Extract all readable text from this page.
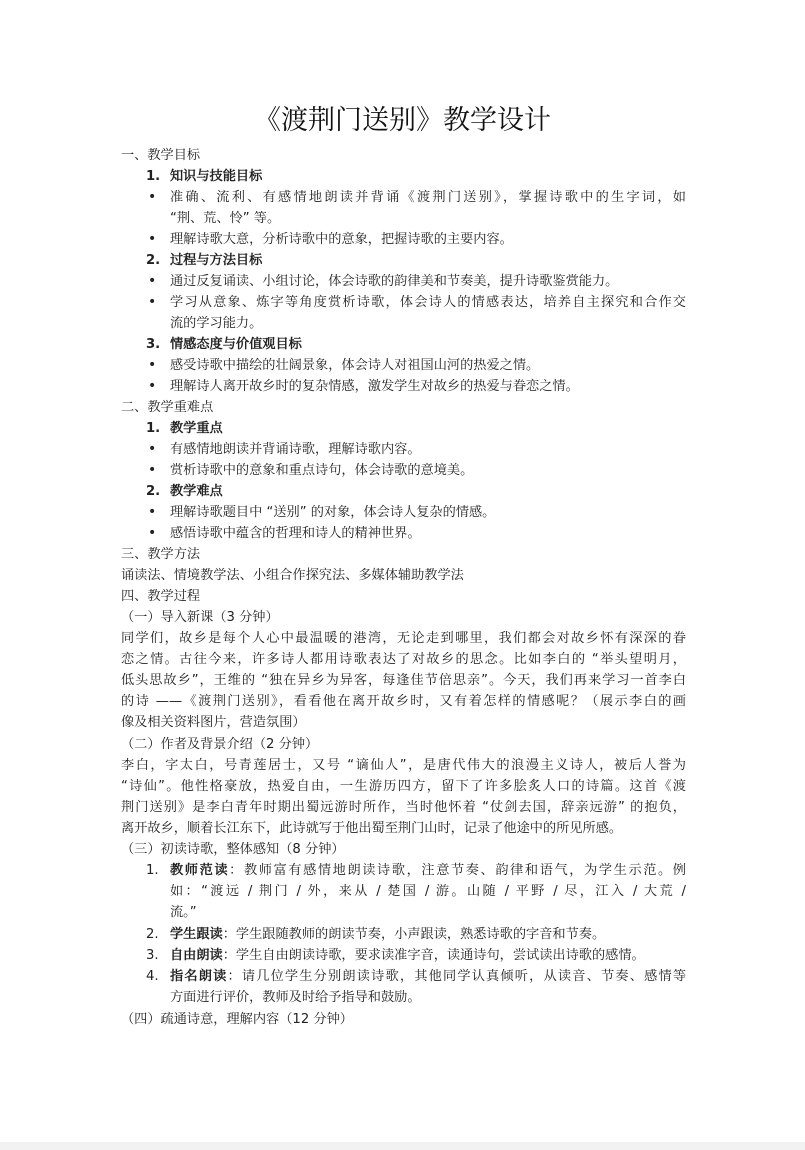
《渡荆门送别》教学设计
一、教学目标
1. 知识与技能目标
• 准确、流利、有感情地朗读并背诵《渡荆门送别》，掌握诗歌中的生字词，如
“荆、荒、怜” 等。
• 理解诗歌大意，分析诗歌中的意象，把握诗歌的主要内容。
2. 过程与方法目标
• 通过反复诵读、小组讨论，体会诗歌的韵律美和节奏美，提升诗歌鉴赏能力。
• 学习从意象、炼字等角度赏析诗歌，体会诗人的情感表达，培养自主探究和合作交
流的学习能力。
3. 情感态度与价值观目标
• 感受诗歌中描绘的壮阔景象，体会诗人对祖国山河的热爱之情。
• 理解诗人离开故乡时的复杂情感，激发学生对故乡的热爱与眷恋之情。
二、教学重难点
1. 教学重点
• 有感情地朗读并背诵诗歌，理解诗歌内容。
• 赏析诗歌中的意象和重点诗句，体会诗歌的意境美。
2. 教学难点
• 理解诗歌题目中 “送别” 的对象，体会诗人复杂的情感。
• 感悟诗歌中蕴含的哲理和诗人的精神世界。
三、教学方法
诵读法、情境教学法、小组合作探究法、多媒体辅助教学法
四、教学过程
（一）导入新课（3 分钟）
同学们，故乡是每个人心中最温暖的港湾，无论走到哪里，我们都会对故乡怀有深深的眷
恋之情。古往今来，许多诗人都用诗歌表达了对故乡的思念。比如李白的 “举头望明月，
低头思故乡”，王维的 “独在异乡为异客，每逢佳节倍思亲”。今天，我们再来学习一首李白
的诗 ——《渡荆门送别》，看看他在离开故乡时，又有着怎样的情感呢？（展示李白的画
像及相关资料图片，营造氛围）
（二）作者及背景介绍（2 分钟）
李白，字太白，号青莲居士，又号 “谪仙人”，是唐代伟大的浪漫主义诗人，被后人誉为
“诗仙”。他性格豪放，热爱自由，一生游历四方，留下了许多脍炙人口的诗篇。这首《渡
荆门送别》是李白青年时期出蜀远游时所作，当时他怀着 “仗剑去国，辞亲远游” 的抱负，
离开故乡，顺着长江东下，此诗就写于他出蜀至荆门山时，记录了他途中的所见所感。
（三）初读诗歌，整体感知（8 分钟）
1. 教师范读：教师富有感情地朗读诗歌，注意节奏、韵律和语气，为学生示范。例
如：“渡远 / 荆门 / 外，来从 / 楚国 / 游。山随 / 平野 / 尽，江入 / 大荒 /
流。”
2. 学生跟读：学生跟随教师的朗读节奏，小声跟读，熟悉诗歌的字音和节奏。
3. 自由朗读：学生自由朗读诗歌，要求读准字音，读通诗句，尝试读出诗歌的感情。
4. 指名朗读：请几位学生分别朗读诗歌，其他同学认真倾听，从读音、节奏、感情等
方面进行评价，教师及时给予指导和鼓励。
（四）疏通诗意，理解内容（12 分钟）
